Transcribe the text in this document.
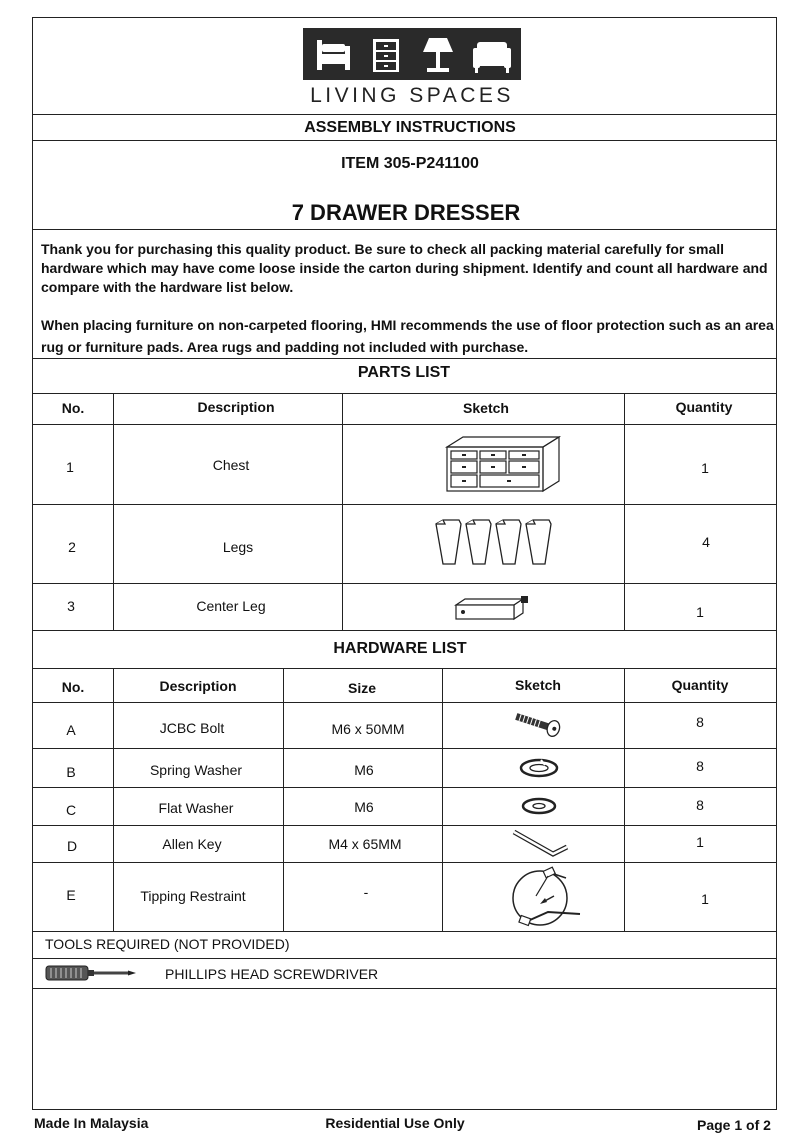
LIVING SPACES
ASSEMBLY INSTRUCTIONS
ITEM 305-P241100
7 DRAWER DRESSER
Thank you for purchasing this quality product. Be sure to check all packing material carefully for small hardware which may have come loose inside the carton during shipment. Identify and count all hardware and compare with the hardware list below.
When placing furniture on non-carpeted flooring, HMI recommends the use of floor protection such as an area rug or furniture pads. Area rugs and padding not included with purchase.
PARTS LIST
No.	Description	Sketch	Quantity
1	Chest	1
2	Legs	4
3	Center Leg	1
HARDWARE LIST
No.	Description	Size	Sketch	Quantity
A	JCBC Bolt	M6 x 50MM	8
B	Spring Washer	M6	8
C	Flat Washer	M6	8
D	Allen Key	M4 x 65MM	1
E	Tipping Restraint	-	1
TOOLS REQUIRED (NOT PROVIDED)
PHILLIPS HEAD SCREWDRIVER
Made In Malaysia	Residential Use Only	Page 1 of 2
